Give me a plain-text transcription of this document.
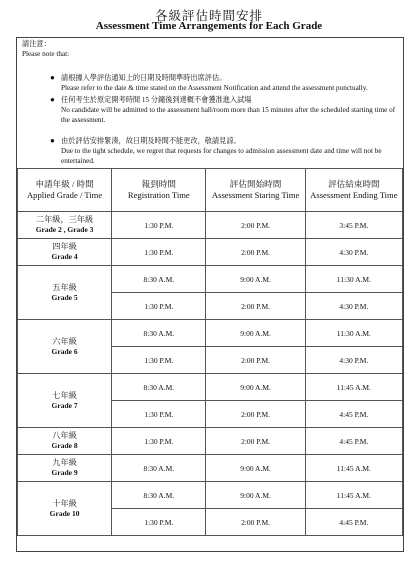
各級評估時間安排
Assessment Time Arrangements for Each Grade
請注意：
Please note that:
● 請根據入學評估通知上的日期及時間準時出席評估。
Please refer to the date & time stated on the Assessment Notification and attend the assessment punctually.
● 任何考生於原定開考時間 15 分鐘後到達概不會獲准進入試場
No candidate will be admitted to the assessment hall/room more than 15 minutes after the scheduled starting time of the assessment.
● 由於評估安排緊湊，故日期及時間不能更改，敬請見諒。
Due to the tight schedule, we regret that requests for changes to admission assessment date and time will not be entertained.
申請年級 / 時間
Applied Grade / Time	報到時間
Registration Time	評估開始時間
Assessment Staring Time	評估結束時間
Assessment Ending Time

二年級，三年級
Grade 2 , Grade 3	1:30 P.M.	2:00 P.M.	3:45 P.M.

四年級
Grade 4	1:30 P.M.	2:00 P.M.	4:30 P.M.

五年級
Grade 5	8:30 A.M.	9:00 A.M.	11:30 A.M.
	1:30 P.M.	2:00 P.M.	4:30 P.M.

六年級
Grade 6	8:30 A.M.	9:00 A.M.	11:30 A.M.
	1:30 P.M.	2:00 P.M.	4:30 P.M.

七年級
Grade 7	8:30 A.M.	9:00 A.M.	11:45 A.M.
	1:30 P.M.	2:00 P.M.	4:45 P.M.

八年級
Grade 8	1:30 P.M.	2:00 P.M.	4:45 P.M.

九年級
Grade 9	8:30 A.M.	9:00 A.M.	11:45 A.M.

十年級
Grade 10	8:30 A.M.	9:00 A.M.	11:45 A.M.
	1:30 P.M.	2:00 P.M.	4:45 P.M.
